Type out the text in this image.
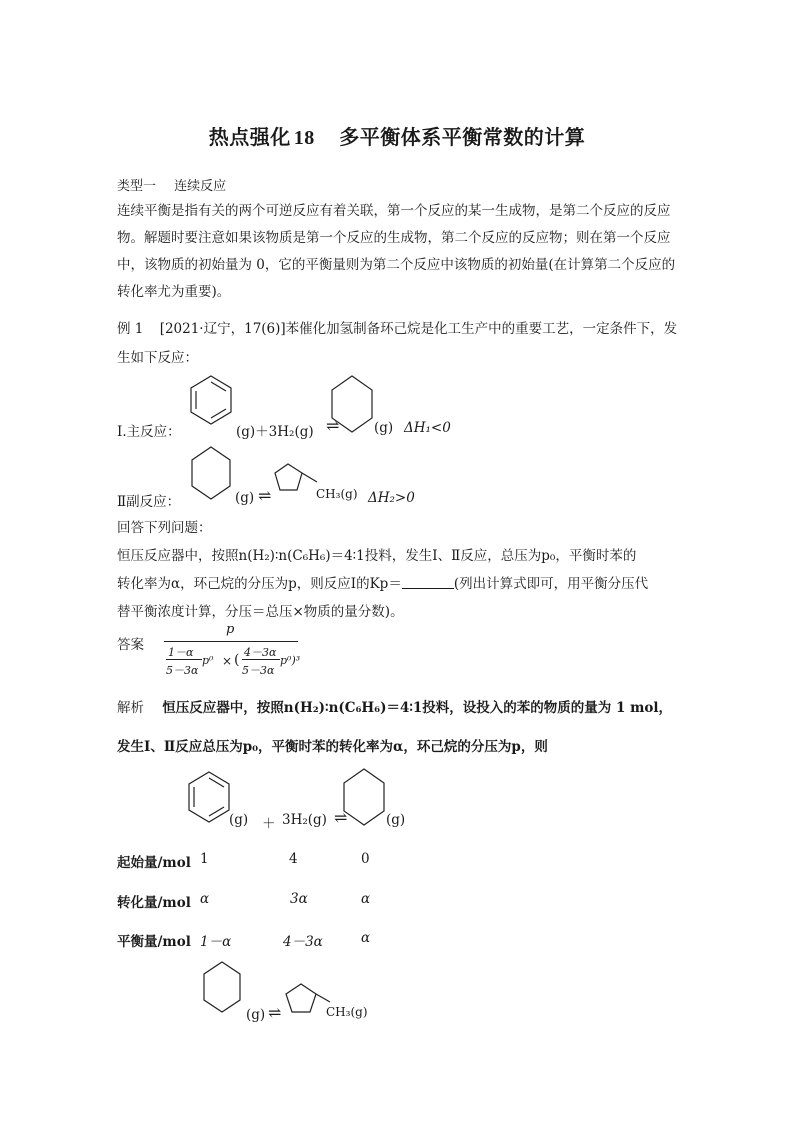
热点强化 18 多平衡体系平衡常数的计算
类型一 连续反应
连续平衡是指有关的两个可逆反应有着关联，第一个反应的某一生成物，是第二个反应的反应物。解题时要注意如果该物质是第一个反应的生成物，第二个反应的反应物；则在第一个反应中，该物质的初始量为 0，它的平衡量则为第二个反应中该物质的初始量(在计算第二个反应的转化率尤为重要)。
例 1 [2021·辽宁，17(6)]苯催化加氢制备环己烷是化工生产中的重要工艺，一定条件下，发
生如下反应：
Ⅰ.主反应：	(g)＋3H₂(g) ⇌	(g) ΔH₁<0
Ⅱ副反应：	(g) ⇌	CH₃(g) ΔH₂>0
回答下列问题：
恒压反应器中，按照n(H₂)∶n(C₆H₆)＝4∶1投料，发生Ⅰ、Ⅱ反应，总压为p₀，平衡时苯的
转化率为α，环己烷的分压为p，则反应Ⅰ的Kp＝	(列出计算式即可，用平衡分压代
替平衡浓度计算，分压＝总压×物质的量分数)。
答案
p
1－α
5－3α
p⁰ × ( 4－3α
5－3α
p⁰)³
解析 恒压反应器中，按照n(H₂)∶n(C₆H₆)＝4∶1投料，设投入的苯的物质的量为 1 mol，
发生Ⅰ、Ⅱ反应总压为p₀，平衡时苯的转化率为α，环己烷的分压为p，则
(g) ＋ 3H₂(g) ⇌	(g)
起始量/mol 1	4	0
转化量/mol α	3α	α
平衡量/mol 1－α	4－3α	α
(g) ⇌	CH₃(g)
